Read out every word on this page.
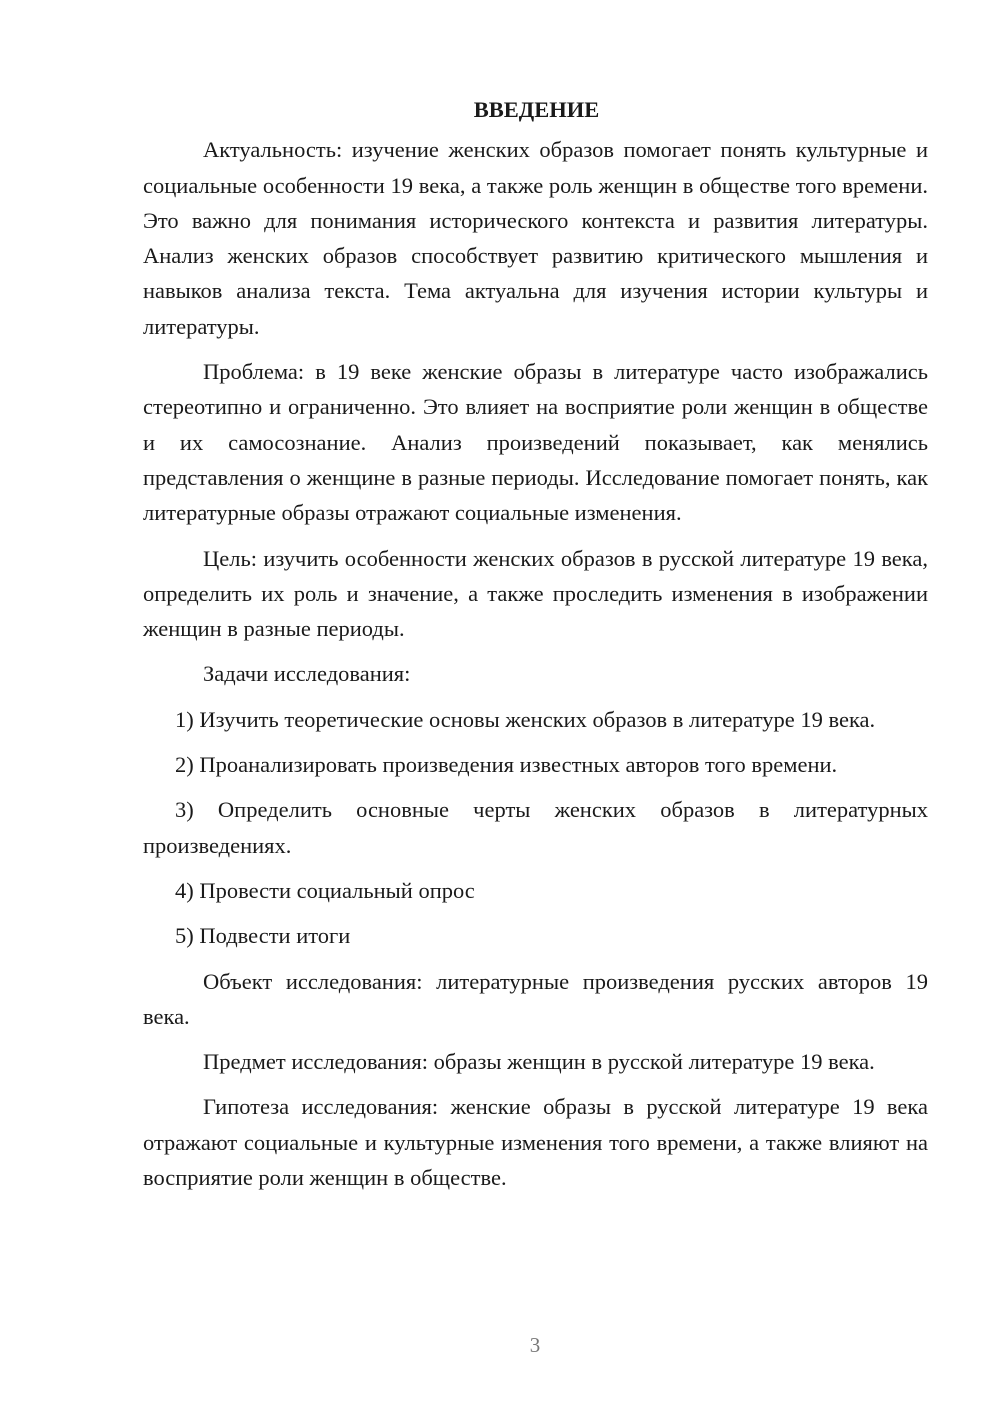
ВВЕДЕНИЕ

Актуальность: изучение женских образов помогает понять культурные и социальные особенности 19 века, а также роль женщин в обществе того времени. Это важно для понимания исторического контекста и развития литературы. Анализ женских образов способствует развитию критического мышления и навыков анализа текста. Тема актуальна для изучения истории культуры и литературы.

Проблема: в 19 веке женские образы в литературе часто изображались стереотипно и ограниченно. Это влияет на восприятие роли женщин в обществе и их самосознание. Анализ произведений показывает, как менялись представления о женщине в разные периоды. Исследование помогает понять, как литературные образы отражают социальные изменения.

Цель: изучить особенности женских образов в русской литературе 19 века, определить их роль и значение, а также проследить изменения в изображении женщин в разные периоды.

Задачи исследования:

1) Изучить теоретические основы женских образов в литературе 19 века.
2) Проанализировать произведения известных авторов того времени.
3) Определить основные черты женских образов в литературных произведениях.
4) Провести социальный опрос
5) Подвести итоги

Объект исследования: литературные произведения русских авторов 19 века.

Предмет исследования: образы женщин в русской литературе 19 века.

Гипотеза исследования: женские образы в русской литературе 19 века отражают социальные и культурные изменения того времени, а также влияют на восприятие роли женщин в обществе.

3
